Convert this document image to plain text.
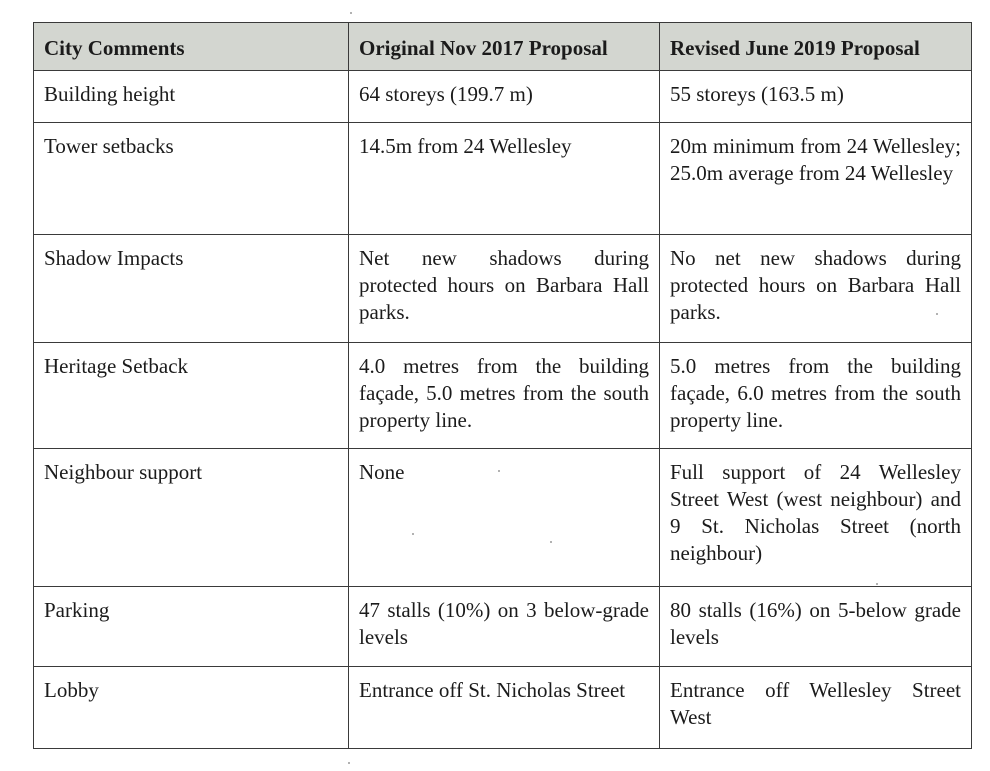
City Comments	Original Nov 2017 Proposal	Revised June 2019 Proposal
Building height	64 storeys (199.7 m)	55 storeys (163.5 m)
Tower setbacks	14.5m from 24 Wellesley	20m minimum from 24 Wellesley; 25.0m average from 24 Wellesley
Shadow Impacts	Net new shadows during protected hours on Barbara Hall parks.	No net new shadows during protected hours on Barbara Hall parks.
Heritage Setback	4.0 metres from the building façade, 5.0 metres from the south property line.	5.0 metres from the building façade, 6.0 metres from the south property line.
Neighbour support	None	Full support of 24 Wellesley Street West (west neighbour) and 9 St. Nicholas Street (north neighbour)
Parking	47 stalls (10%) on 3 below-grade levels	80 stalls (16%) on 5-below grade levels
Lobby	Entrance off St. Nicholas Street	Entrance off Wellesley Street West
